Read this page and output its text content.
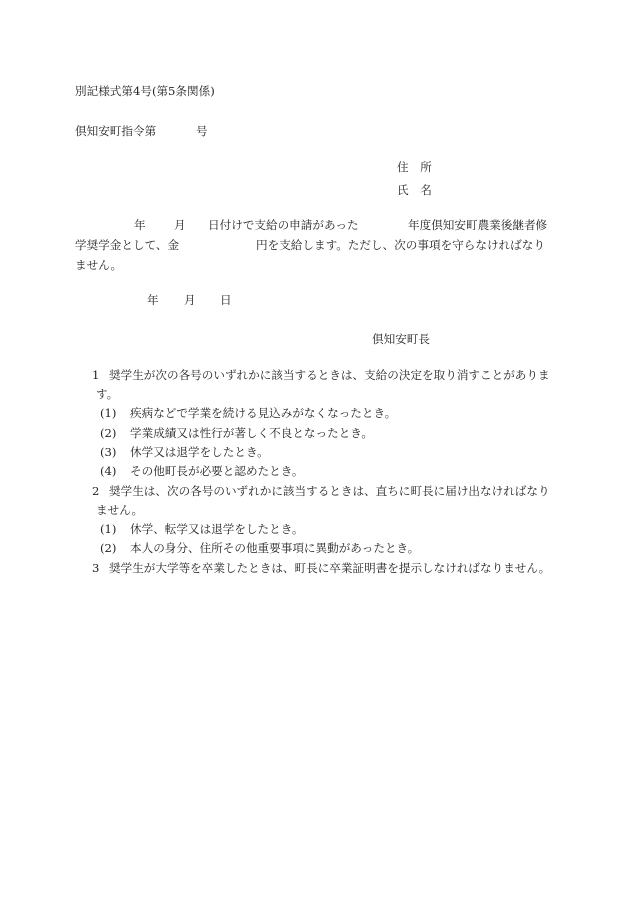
別記様式第4号(第5条関係)
倶知安町指令第	号
住　所
氏　名
年 月 日付けで支給の申請があった	年度倶知安町農業後継者修
学奨学金として、金	円を支給します。ただし、次の事項を守らなければなり
ません。
年 月 日
倶知安町長
1 奨学生が次の各号のいずれかに該当するときは、支給の決定を取り消すことがありま
す。
(1) 疾病などで学業を続ける見込みがなくなったとき。
(2) 学業成績又は性行が著しく不良となったとき。
(3) 休学又は退学をしたとき。
(4) その他町長が必要と認めたとき。
2 奨学生は、次の各号のいずれかに該当するときは、直ちに町長に届け出なければなり
ません。
(1) 休学、転学又は退学をしたとき。
(2) 本人の身分、住所その他重要事項に異動があったとき。
3 奨学生が大学等を卒業したときは、町長に卒業証明書を提示しなければなりません。
